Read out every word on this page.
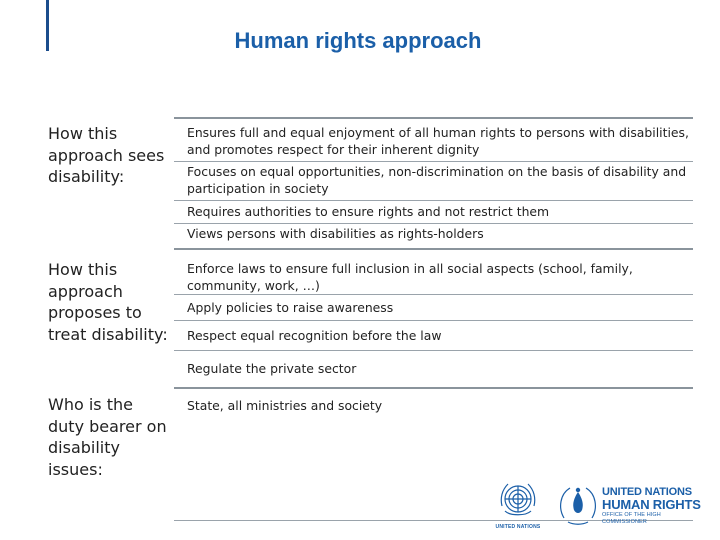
Human rights approach
How this approach sees disability:
Ensures full and equal enjoyment of all human rights to persons with disabilities, and promotes respect for their inherent dignity
Focuses on equal opportunities, non-discrimination on the basis of disability and participation in society
Requires authorities to ensure rights and not restrict them
Views persons with disabilities as rights-holders
How this approach proposes to treat disability:
Enforce laws to ensure full inclusion in all social aspects (school, family, community, work, …)
Apply policies to raise awareness
Respect equal recognition before the law
Regulate the private sector
Who is the duty bearer on disability issues:
State, all ministries and society
UNITED NATIONS
UNITED NATIONS
HUMAN RIGHTS
OFFICE OF THE HIGH COMMISSIONER
